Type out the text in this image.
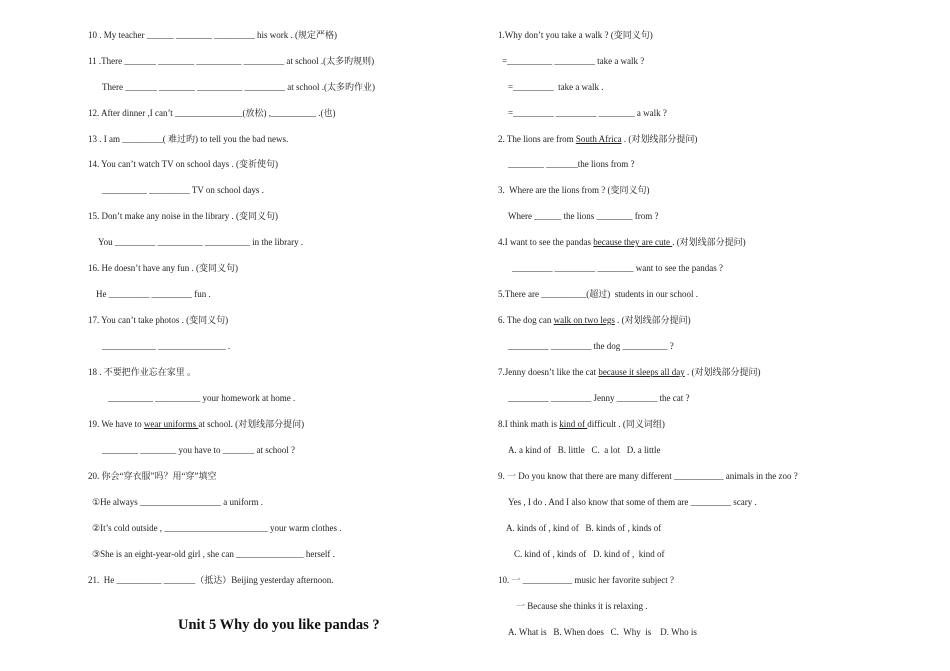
10 . My teacher ______ ________ _________ his work . (规定严格)
11 .There _______ ________ __________ _________ at school .(太多旳规则)
There _______ ________ __________ _________ at school .(太多旳作业)
12. After dinner ,I can’t _______________(放松) ,__________ .(也)
13 . I am _________( 难过旳) to tell you the bad news.
14. You can’t watch TV on school days . (变祈使句)
__________ _________ TV on school days .
15. Don’t make any noise in the library . (变同义句)
You _________ __________ __________ in the library .
16. He doesn’t have any fun . (变同义句)
He _________ _________ fun .
17. You can’t take photos . (变同义句)
____________ _______________ .
18 . 不要把作业忘在家里 。
__________ __________ your homework at home .
19. We have to wear uniforms at school. (对划线部分提问)
________ ________ you have to _______ at school ?
20. 你会“穿衣服”吗？用“穿”填空
①He always __________________ a uniform .
②It’s cold outside , _______________________ your warm clothes .
③She is an eight-year-old girl , she can _______________ herself .
21.  He __________ _______（抵达）Beijing yesterday afternoon.
1.Why don’t you take a walk ? (变同义句)
=__________ _________ take a walk ?
=_________  take a walk .
=_________ _________ ________ a walk ?
2. The lions are from South Africa . (对划线部分提问)
________ _______the lions from ?
3.  Where are the lions from ? (变同义句)
Where ______ the lions ________ from ?
4.I want to see the pandas because they are cute . (对划线部分提问)
_________ _________ ________ want to see the pandas ?
5.There are __________(超过)  students in our school .
6. The dog can walk on two legs . (对划线部分提问)
_________ _________ the dog __________ ?
7.Jenny doesn’t like the cat because it sleeps all day . (对划线部分提问)
_________ _________ Jenny _________ the cat ?
8.I think math is kind of difficult . (同义词组)
A. a kind of   B. little   C.  a lot   D. a little
9. 一 Do you know that there are many different ___________ animals in the zoo ?
Yes , I do . And I also know that some of them are _________ scary .
A. kinds of , kind of   B. kinds of , kinds of
C. kind of , kinds of   D. kind of ,  kind of
10. 一 ___________ music her favorite subject ?
一 Because she thinks it is relaxing .
A. What is   B. When does   C.  Why  is    D. Who is
Unit 5 Why do you like pandas ?
